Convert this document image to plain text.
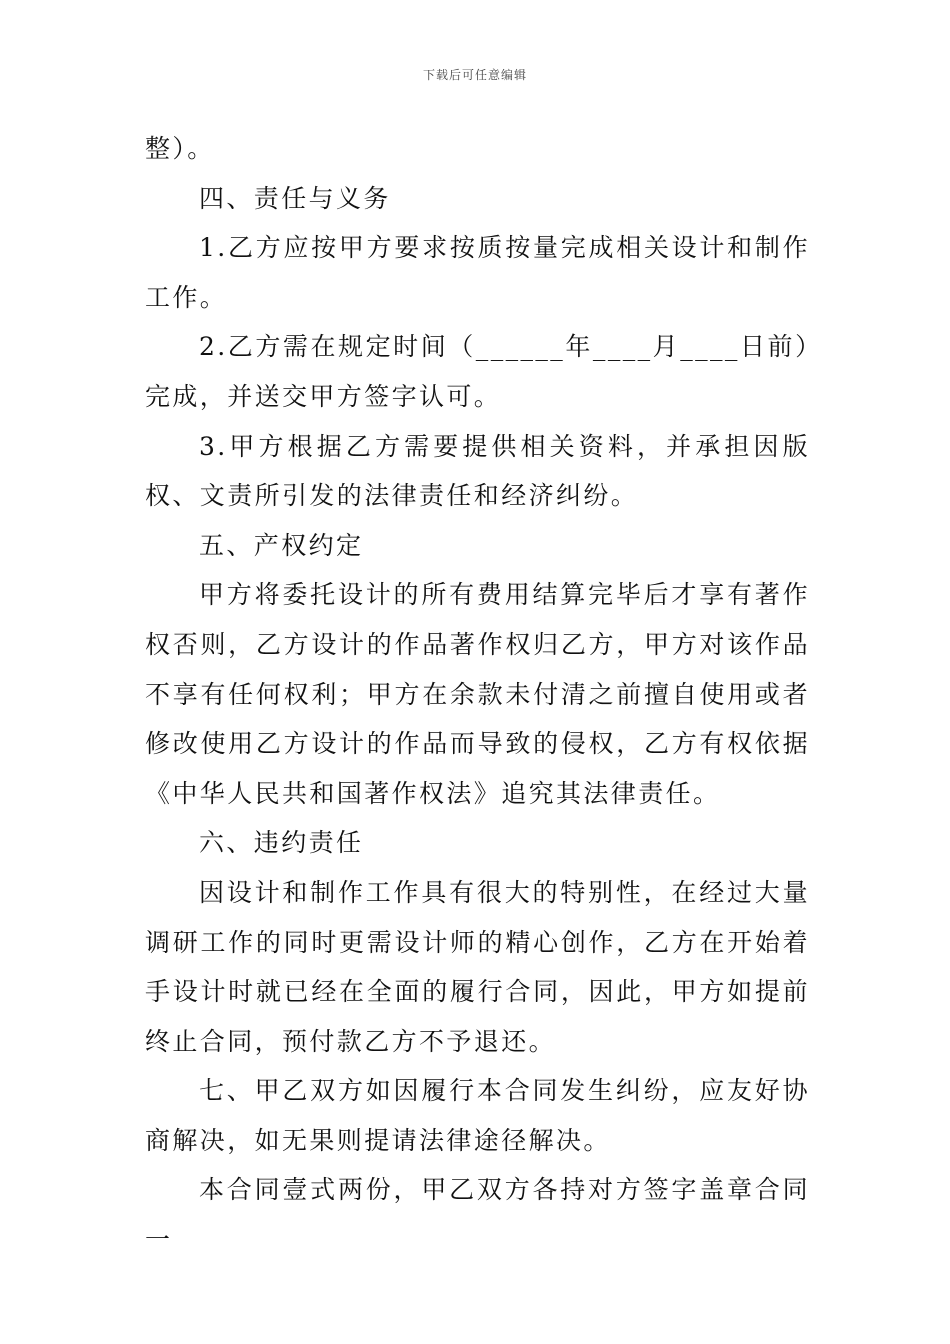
下载后可任意编辑

整）。

四、责任与义务

1.乙方应按甲方要求按质按量完成相关设计和制作工作。

2.乙方需在规定时间（______年____月____日前）完成，并送交甲方签字认可。

3.甲方根据乙方需要提供相关资料，并承担因版权、文责所引发的法律责任和经济纠纷。

五、产权约定

甲方将委托设计的所有费用结算完毕后才享有著作权否则，乙方设计的作品著作权归乙方，甲方对该作品不享有任何权利；甲方在余款未付清之前擅自使用或者修改使用乙方设计的作品而导致的侵权，乙方有权依据《中华人民共和国著作权法》追究其法律责任。

六、违约责任

因设计和制作工作具有很大的特别性，在经过大量调研工作的同时更需设计师的精心创作，乙方在开始着手设计时就已经在全面的履行合同，因此，甲方如提前终止合同，预付款乙方不予退还。

七、甲乙双方如因履行本合同发生纠纷，应友好协商解决，如无果则提请法律途径解决。

本合同壹式两份，甲乙双方各持对方签字盖章合同一
